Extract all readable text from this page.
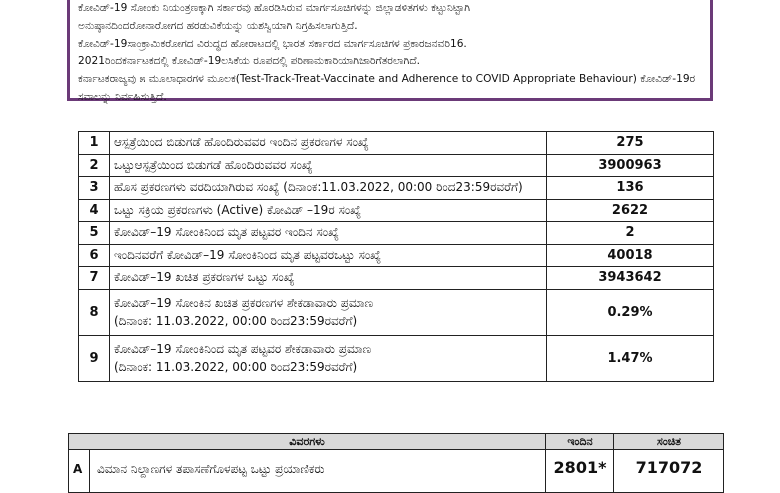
ಕೋವಿಡ್-19 ಸೋಂಕು ನಿಯಂತ್ರಣಕ್ಕಾಗಿ ಸರ್ಕಾರವು ಹೊರಡಿಸಿರುವ ಮಾರ್ಗಸೂಚಿಗಳನ್ನು ಜಿಲ್ಲಾಡಳಿತಗಳು ಕಟ್ಟುನಿಟ್ಟಾಗಿ

ಅನುಷ್ಠಾನದಿಂದರೋನಾರೋಗದ ಹರಡುವಿಕೆಯನ್ನು ಯಶಸ್ವಿಯಾಗಿ ನಿಗ್ರಹಿಸಲಾಗುತ್ತಿದೆ.

ಕೋವಿಡ್-19ಸಾಂಕ್ರಾಮಿಕರೋಗದ ವಿರುದ್ಧದ ಹೋರಾಟದಲ್ಲಿ ಭಾರತ ಸರ್ಕಾರದ ಮಾರ್ಗಸೂಚಿಗಳ ಪ್ರಕಾರಜನವರಿ16.

2021ರಿಂದಕರ್ನಾಟಕದಲ್ಲಿ ಕೋವಿಡ್-19ಲಸಿಕೆಯ ರೂಪದಲ್ಲಿ ಪರಿಣಾಮಕಾರಿಯಾಗಿಜಾರಿಗೆತರಲಾಗಿದೆ.

ಕರ್ನಾಟಕರಾಜ್ಯವು ೫ ಮೂಲಾಧಾರಗಳ ಮೂಲಕ(Test-Track-Treat-Vaccinate and Adherence to COVID Appropriate Behaviour) ಕೋವಿಡ್-19ರ ಸವಾಲನ್ನು ನಿರ್ವಹಿಸುತ್ತಿದೆ.

1	ಆಸ್ಪತ್ರೆಯಿಂದ ಬಿಡುಗಡೆ ಹೊಂದಿರುವವರ ಇಂದಿನ ಪ್ರಕರಣಗಳ ಸಂಖ್ಯೆ	275
2	ಒಟ್ಟುಆಸ್ಪತ್ರೆಯಿಂದ ಬಿಡುಗಡೆ ಹೊಂದಿರುವವರ ಸಂಖ್ಯೆ	3900963
3	ಹೊಸ ಪ್ರಕರಣಗಳು ವರದಿಯಾಗಿರುವ ಸಂಖ್ಯೆ (ದಿನಾಂಕ:11.03.2022, 00:00 ರಿಂದ23:59ರವರೆಗೆ)	136
4	ಒಟ್ಟು ಸಕ್ರಿಯ ಪ್ರಕರಣಗಳು (Active) ಕೋವಿಡ್ –19ರ ಸಂಖ್ಯೆ	2622
5	ಕೋವಿಡ್–19 ಸೋಂಕಿನಿಂದ ಮೃತ ಪಟ್ಟವರ ಇಂದಿನ ಸಂಖ್ಯೆ	2
6	ಇಂದಿನವರೆಗೆ ಕೋವಿಡ್–19 ಸೋಂಕಿನಿಂದ ಮೃತ ಪಟ್ಟವರಒಟ್ಟು ಸಂಖ್ಯೆ	40018
7	ಕೋವಿಡ್–19 ಖಚಿತ ಪ್ರಕರಣಗಳ ಒಟ್ಟು ಸಂಖ್ಯೆ	3943642
8	ಕೋವಿಡ್–19 ಸೋಂಕಿನ ಖಚಿತ ಪ್ರಕರಣಗಳ ಶೇಕಡಾವಾರು ಪ್ರಮಾಣ
(ದಿನಾಂಕ: 11.03.2022, 00:00 ರಿಂದ23:59ರವರೆಗೆ)	0.29%
9	ಕೋವಿಡ್–19 ಸೋಂಕಿನಿಂದ ಮೃತ ಪಟ್ಟವರ ಶೇಕಡಾವಾರು ಪ್ರಮಾಣ
(ದಿನಾಂಕ: 11.03.2022, 00:00 ರಿಂದ23:59ರವರೆಗೆ)	1.47%
ವಿವರಗಳು	ಇಂದಿನ	ಸಂಚಿತ
A ವಿಮಾನ ನಿಲ್ದಾಣಗಳ ತಪಾಸಣೆಗೊಳಪಟ್ಟ ಒಟ್ಟು ಪ್ರಯಾಣಿಕರು	2801*	717072
